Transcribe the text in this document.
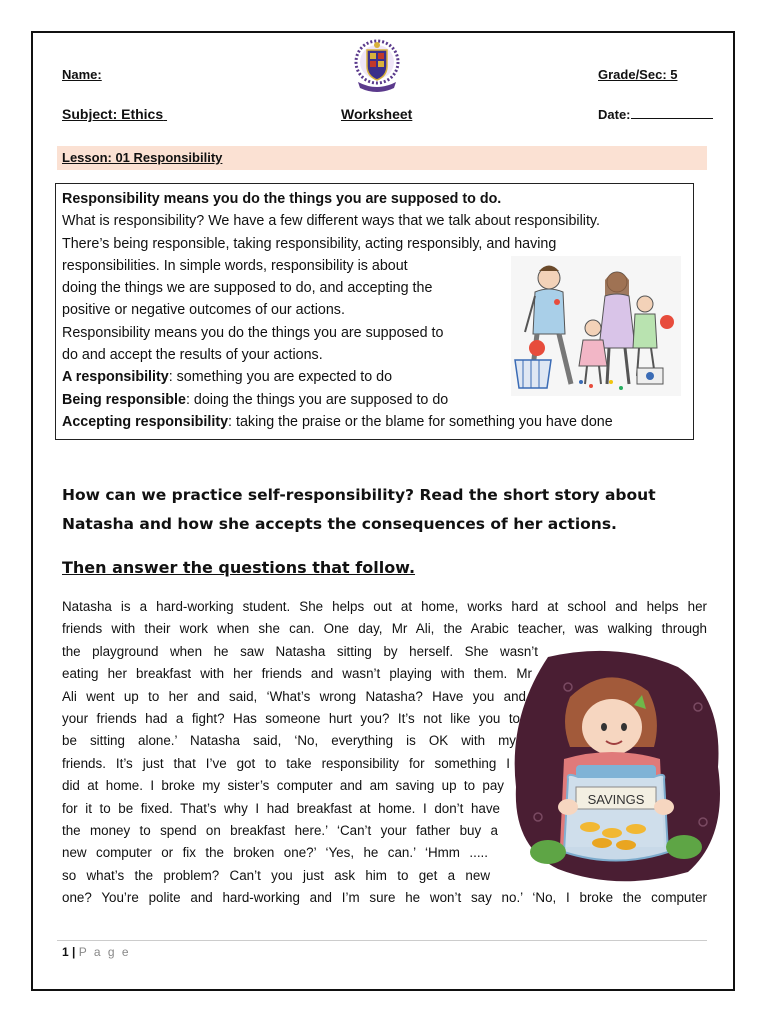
Name:	Grade/Sec: 5
Subject: Ethics	Worksheet	Date:
Lesson: 01 Responsibility
Responsibility means you do the things you are supposed to do.
What is responsibility? We have a few different ways that we talk about responsibility.
There’s being responsible, taking responsibility, acting responsibly, and having
responsibilities. In simple words, responsibility is about
doing the things we are supposed to do, and accepting the
positive or negative outcomes of our actions.
Responsibility means you do the things you are supposed to
do and accept the results of your actions.
A responsibility: something you are expected to do
Being responsible: doing the things you are supposed to do
Accepting responsibility: taking the praise or the blame for something you have done
How can we practice self-responsibility? Read the short story about
Natasha and how she accepts the consequences of her actions.
Then answer the questions that follow.
Natasha is a hard-working student. She helps out at home, works hard at school and helps her
friends with their work when she can. One day, Mr Ali, the Arabic teacher, was walking through
the playground when he saw Natasha sitting by herself. She wasn’t
eating her breakfast with her friends and wasn’t playing with them. Mr
Ali went up to her and said, ‘What’s wrong Natasha? Have you and
your friends had a fight? Has someone hurt you? It’s not like you to
be sitting alone.’ Natasha said, ‘No, everything is OK with my
friends. It’s just that I’ve got to take responsibility for something I
did at home. I broke my sister’s computer and am saving up to pay
for it to be fixed. That’s why I had breakfast at home. I don’t have
the money to spend on breakfast here.’ ‘Can’t your father buy a
new computer or fix the broken one?’ ‘Yes, he can.’ ‘Hmm .....
so what’s the problem? Can’t you just ask him to get a new
one? You’re polite and hard-working and I’m sure he won’t say no.’ ‘No, I broke the computer
SAVINGS
1 | P a g e
